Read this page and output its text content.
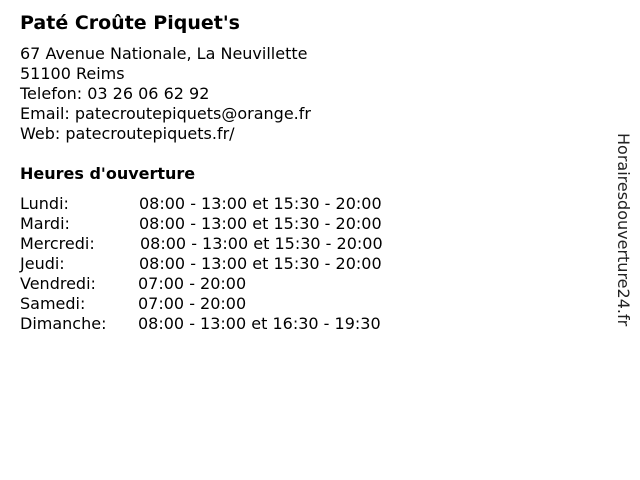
Paté Croûte Piquet's
67 Avenue Nationale, La Neuvillette
51100 Reims
Telefon: 03 26 06 62 92
Email: patecroutepiquets@orange.fr
Web: patecroutepiquets.fr/
Heures d'ouverture
Lundi:	08:00 - 13:00 et 15:30 - 20:00
Mardi:	08:00 - 13:00 et 15:30 - 20:00
Mercredi:	08:00 - 13:00 et 15:30 - 20:00
Jeudi:	08:00 - 13:00 et 15:30 - 20:00
Vendredi:	07:00 - 20:00
Samedi:	07:00 - 20:00
Dimanche: 08:00 - 13:00 et 16:30 - 19:30	Horairesdouverture24.fr
